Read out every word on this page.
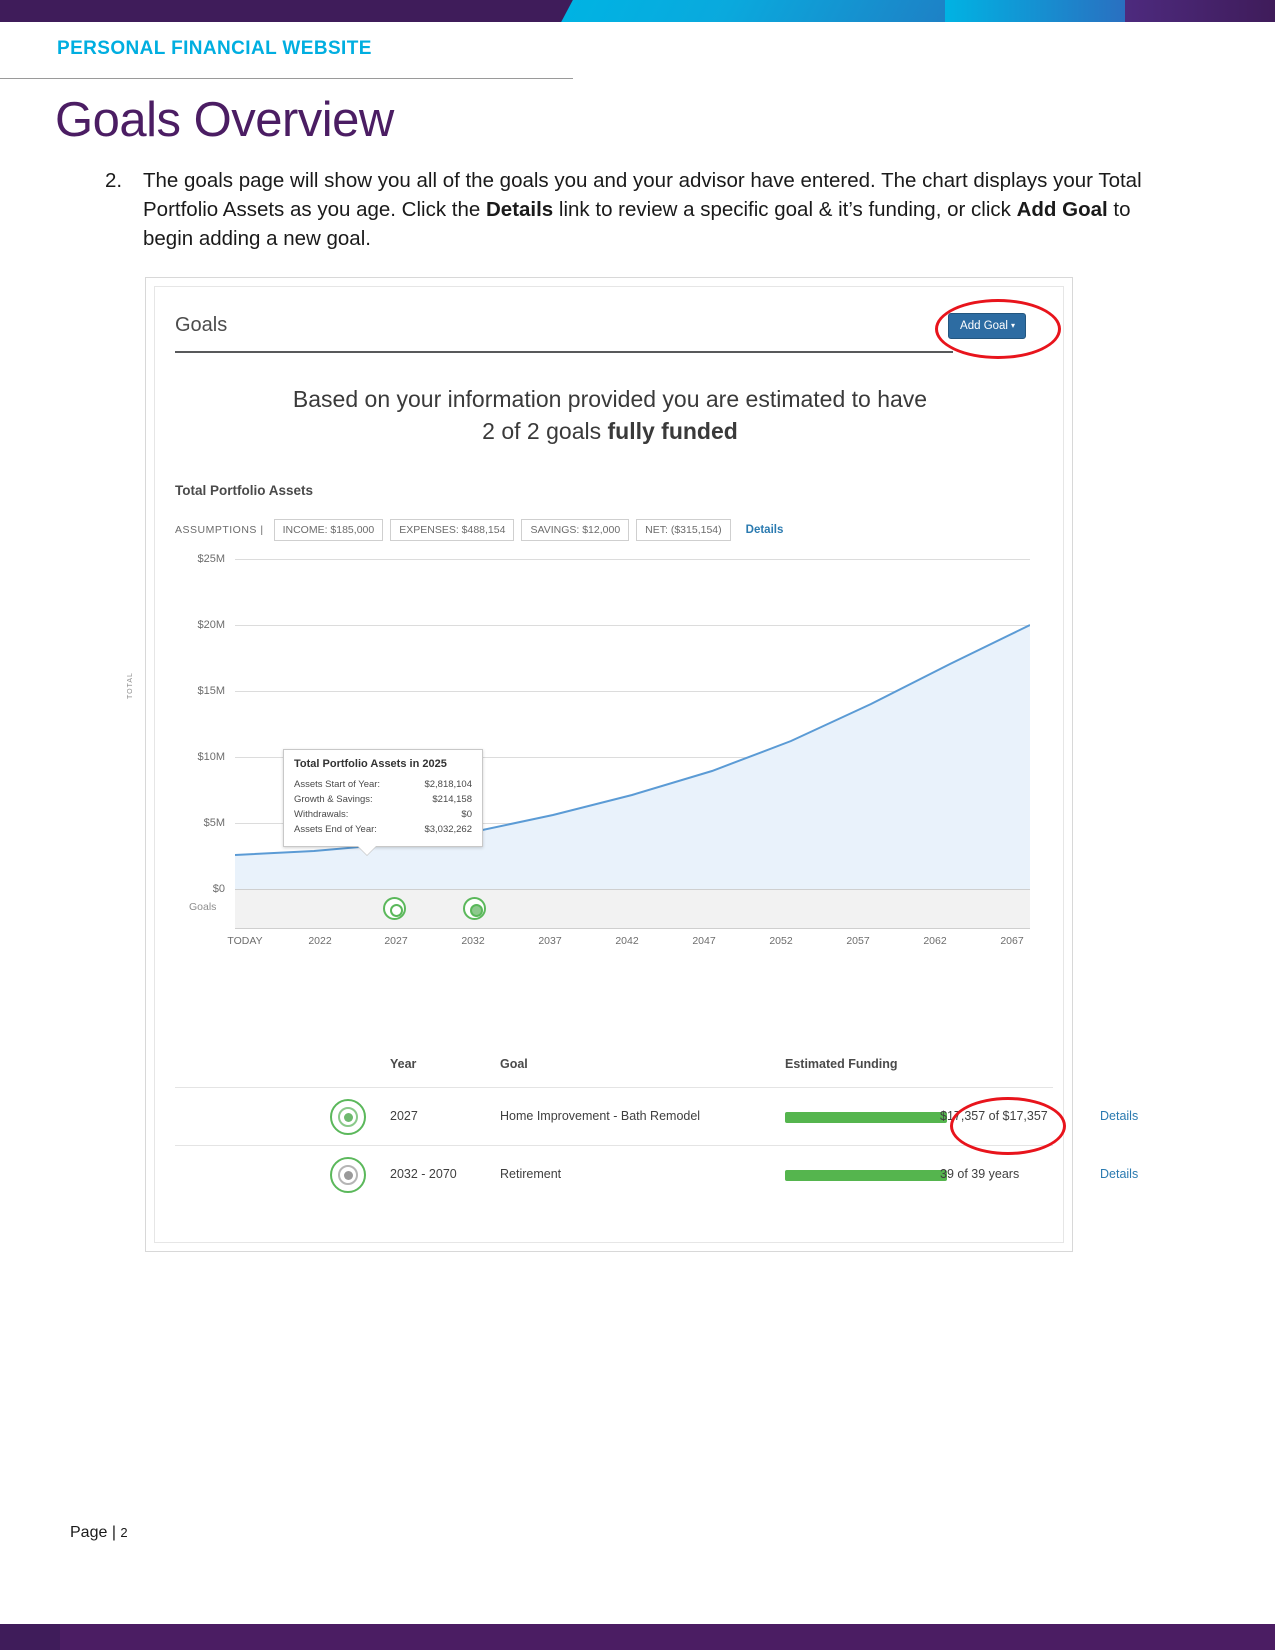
PERSONAL FINANCIAL WEBSITE
Goals Overview
2.	The goals page will show you all of the goals you and your advisor have entered. The chart displays your Total Portfolio Assets as you age. Click the Details link to review a specific goal & it’s funding, or click Add Goal to begin adding a new goal.
Goals	Add Goal ▾
Based on your information provided you are estimated to have
2 of 2 goals fully funded
Total Portfolio Assets
ASSUMPTIONS |	INCOME: $185,000	EXPENSES: $488,154	SAVINGS: $12,000	NET: ($315,154)	Details
TOTAL
$25M
$20M
$15M
$10M
$5M
$0
Goals
TODAY	2022	2027	2032	2037	2042	2047	2052	2057	2062	2067
Total Portfolio Assets in 2025
Assets Start of Year:	$2,818,104
Growth & Savings:	$214,158
Withdrawals:	$0
Assets End of Year:	$3,032,262
Year	Goal	Estimated Funding
2027	Home Improvement - Bath Remodel	$17,357 of $17,357	Details
2032 - 2070	Retirement	39 of 39 years	Details
Page | 2
